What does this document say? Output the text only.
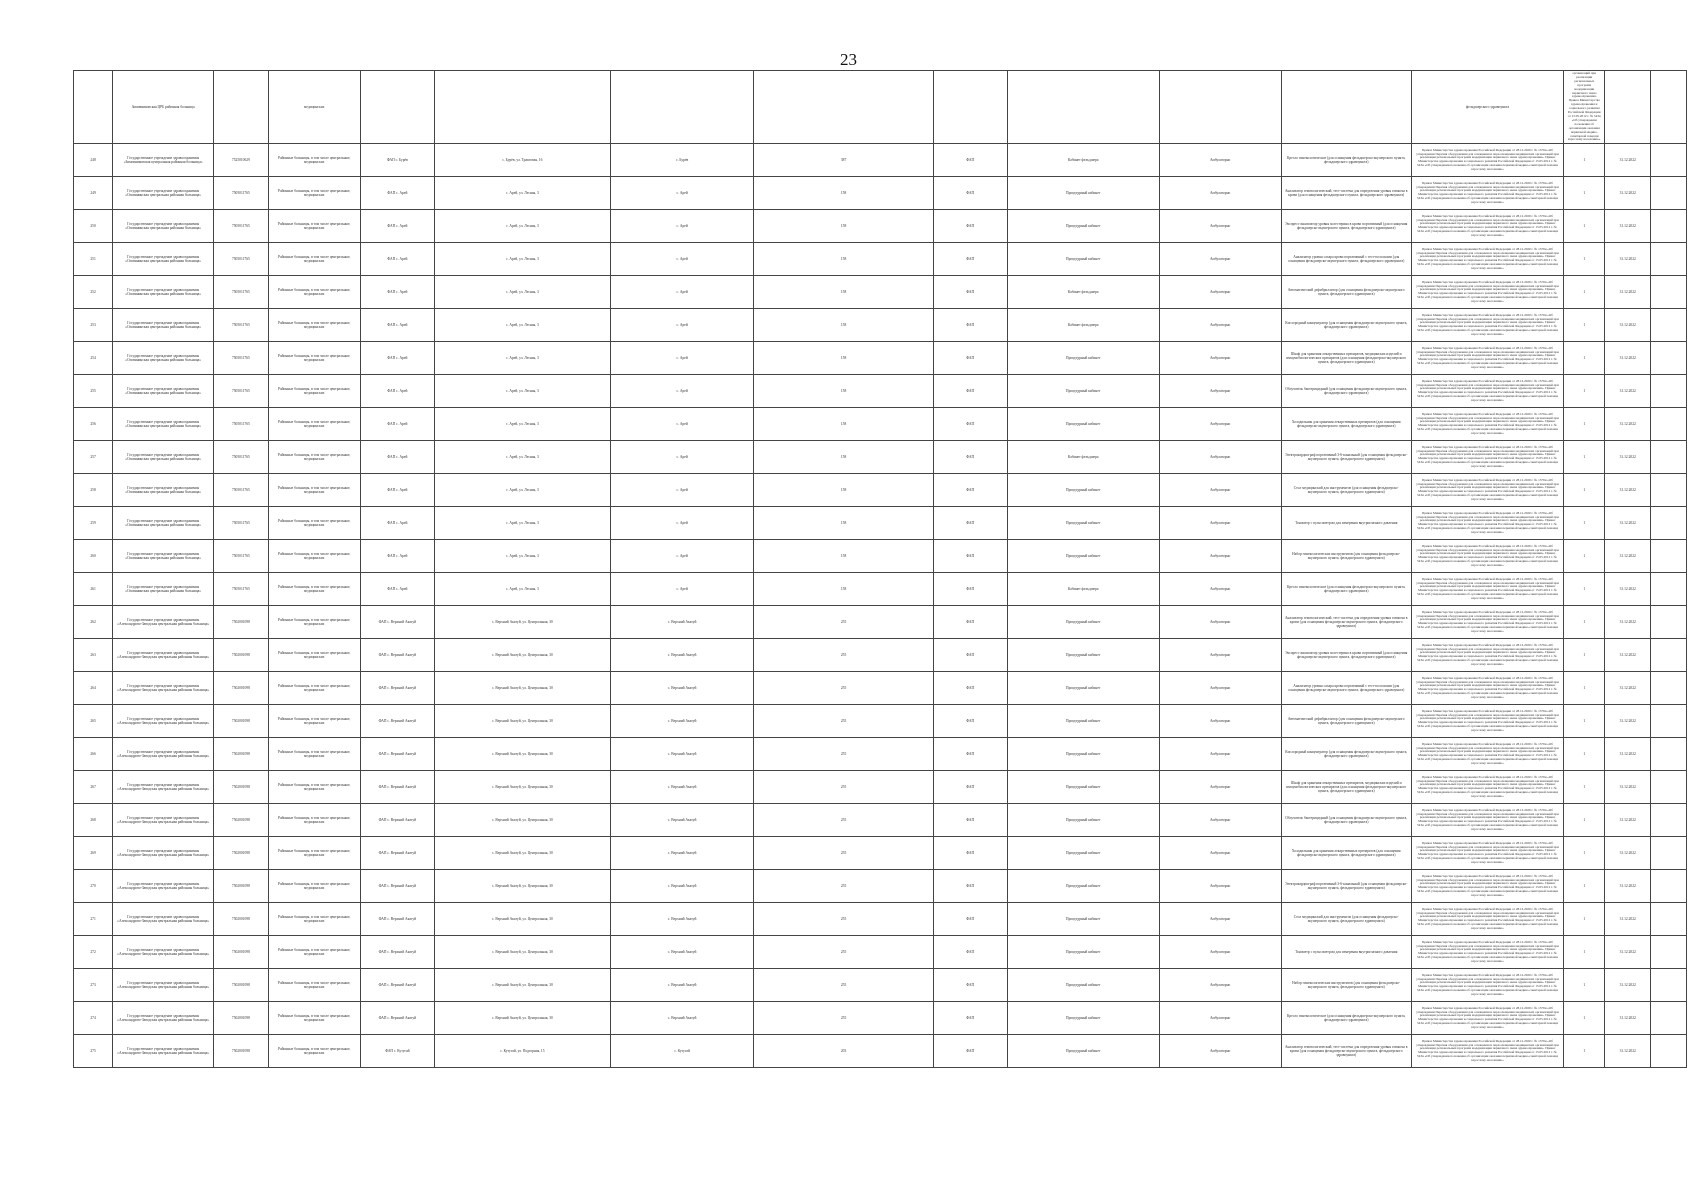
23
	Зимовниковская ЦРБ районная больница		медицинских									фельдшерского здравпункта	организаций при реализации региональных программ модернизации первичного звена здравоохранения. Приказ Министерства здравоохранения и социального развития Российской Федерации от 15.05.2012 г. № 543н «Об утверждении положения об организации оказания первичной медико-санитарной помощи взрослому населению»		
248	Государственное учреждение здравоохранения «Зимовниковская центральная районная больница»	7525010629	Районные больницы, в том числе центральные, медицинских	ФАП с. Бурёв	с. Бурёв, ул. Трактовая, 16	с. Бурёв	387	ФАП	Кабинет фельдшера	Амбулаторно	Кресло гинекологическое (для оснащения фельдшерско-акушерского пункта, фельдшерского здравпункта)	Приказ Министерства здравоохранения Российской Федерации от 28.12.2020 г. № 1379н «Об утверждении Перечня оборудования для оснащения и переоснащения медицинских организаций при реализации региональных программ модернизации первичного звена здравоохранения». Приказ Министерства здравоохранения и социального развития Российской Федерации от 15.05.2012 г. № 543н «Об утверждении положения об организации оказания первичной медико-санитарной помощи взрослому населению»	1	31.12.2022	
249	Государственное учреждение здравоохранения «Оловянинская центральная районная больница»	7505011765	Районные больницы, в том числе центральные, медицинских	ФАП с. Арей	с. Арей, ул. Лесная, 3	с. Арей	158	ФАП	Процедурный кабинет	Амбулаторно	Анализатор гематологический, тест-система для определения уровня глюкозы в крови (для оснащения фельдшерского пункта, фельдшерского здравпункта)	Приказ Министерства здравоохранения Российской Федерации от 28.12.2020 г. № 1379н «Об утверждении Перечня оборудования для оснащения и переоснащения медицинских организаций при реализации региональных программ модернизации первичного звена здравоохранения». Приказ Министерства здравоохранения и социального развития Российской Федерации от 15.05.2012 г. № 543н «Об утверждении положения об организации оказания первичной медико-санитарной помощи взрослому населению»	1	31.12.2022	
250	Государственное учреждение здравоохранения «Оловянинская центральная районная больница»	7505011765	Районные больницы, в том числе центральные, медицинских	ФАП с. Арей	с. Арей, ул. Лесная, 3	с. Арей	158	ФАП	Процедурный кабинет	Амбулаторно	Экспресс-анализатор уровня холестерина в крови портативный (для оснащения фельдшерско-акушерского пункта, фельдшерского здравпункта)	Приказ Министерства здравоохранения Российской Федерации от 28.12.2020 г. № 1379н «Об утверждении Перечня оборудования для оснащения и переоснащения медицинских организаций при реализации региональных программ модернизации первичного звена здравоохранения». Приказ Министерства здравоохранения и социального развития Российской Федерации от 15.05.2012 г. № 543н «Об утверждении положения об организации оказания первичной медико-санитарной помощи взрослому населению»	1	31.12.2022	
251	Государственное учреждение здравоохранения «Оловянинская центральная районная больница»	7505011765	Районные больницы, в том числе центральные, медицинских	ФАП с. Арей	с. Арей, ул. Лесная, 3	с. Арей	158	ФАП	Процедурный кабинет	Амбулаторно	Анализатор уровня сахара крови портативный с тест-полосками (для оснащения фельдшерско-акушерского пункта, фельдшерского здравпункта)	Приказ Министерства здравоохранения Российской Федерации от 28.12.2020 г. № 1379н «Об утверждении Перечня оборудования для оснащения и переоснащения медицинских организаций при реализации региональных программ модернизации первичного звена здравоохранения». Приказ Министерства здравоохранения и социального развития Российской Федерации от 15.05.2012 г. № 543н «Об утверждении положения об организации оказания первичной медико-санитарной помощи взрослому населению»	1	31.12.2022	
252	Государственное учреждение здравоохранения «Оловянинская центральная районная больница»	7505011765	Районные больницы, в том числе центральные, медицинских	ФАП с. Арей	с. Арей, ул. Лесная, 3	с. Арей	158	ФАП	Кабинет фельдшера	Амбулаторно	Автоматический дефибриллятор (для оснащения фельдшерско-акушерского пункта, фельдшерского здравпункта)	Приказ Министерства здравоохранения Российской Федерации от 28.12.2020 г. № 1379н «Об утверждении Перечня оборудования для оснащения и переоснащения медицинских организаций при реализации региональных программ модернизации первичного звена здравоохранения». Приказ Министерства здравоохранения и социального развития Российской Федерации от 15.05.2012 г. № 543н «Об утверждении положения об организации оказания первичной медико-санитарной помощи взрослому населению»	1	31.12.2022	
253	Государственное учреждение здравоохранения «Оловянинская центральная районная больница»	7505011765	Районные больницы, в том числе центральные, медицинских	ФАП с. Арей	с. Арей, ул. Лесная, 3	с. Арей	158	ФАП	Кабинет фельдшера	Амбулаторно	Кислородный концентратор (для оснащения фельдшерско-акушерского пункта, фельдшерского здравпункта)	Приказ Министерства здравоохранения Российской Федерации от 28.12.2020 г. № 1379н «Об утверждении Перечня оборудования для оснащения и переоснащения медицинских организаций при реализации региональных программ модернизации первичного звена здравоохранения». Приказ Министерства здравоохранения и социального развития Российской Федерации от 15.05.2012 г. № 543н «Об утверждении положения об организации оказания первичной медико-санитарной помощи взрослому населению»	1	31.12.2022	
254	Государственное учреждение здравоохранения «Оловянинская центральная районная больница»	7505011765	Районные больницы, в том числе центральные, медицинских	ФАП с. Арей	с. Арей, ул. Лесная, 3	с. Арей	158	ФАП	Процедурный кабинет	Амбулаторно	Шкаф для хранения лекарственных препаратов, медицинских изделий и иммунобиологических препаратов (для оснащения фельдшерско-акушерского пункта, фельдшерского здравпункта)	Приказ Министерства здравоохранения Российской Федерации от 28.12.2020 г. № 1379н «Об утверждении Перечня оборудования для оснащения и переоснащения медицинских организаций при реализации региональных программ модернизации первичного звена здравоохранения». Приказ Министерства здравоохранения и социального развития Российской Федерации от 15.05.2012 г. № 543н «Об утверждении положения об организации оказания первичной медико-санитарной помощи взрослому населению»	1	31.12.2022	
255	Государственное учреждение здравоохранения «Оловянинская центральная районная больница»	7505011765	Районные больницы, в том числе центральные, медицинских	ФАП с. Арей	с. Арей, ул. Лесная, 3	с. Арей	158	ФАП	Процедурный кабинет	Амбулаторно	Облучатель бактерицидный (для оснащения фельдшерско-акушерского пункта, фельдшерского здравпункта)	Приказ Министерства здравоохранения Российской Федерации от 28.12.2020 г. № 1379н «Об утверждении Перечня оборудования для оснащения и переоснащения медицинских организаций при реализации региональных программ модернизации первичного звена здравоохранения». Приказ Министерства здравоохранения и социального развития Российской Федерации от 15.05.2012 г. № 543н «Об утверждении положения об организации оказания первичной медико-санитарной помощи взрослому населению»	1	31.12.2022	
256	Государственное учреждение здравоохранения «Оловянинская центральная районная больница»	7505011765	Районные больницы, в том числе центральные, медицинских	ФАП с. Арей	с. Арей, ул. Лесная, 3	с. Арей	158	ФАП	Процедурный кабинет	Амбулаторно	Холодильник для хранения лекарственных препаратов (для оснащения фельдшерско-акушерского пункта, фельдшерского здравпункта)	Приказ Министерства здравоохранения Российской Федерации от 28.12.2020 г. № 1379н «Об утверждении Перечня оборудования для оснащения и переоснащения медицинских организаций при реализации региональных программ модернизации первичного звена здравоохранения». Приказ Министерства здравоохранения и социального развития Российской Федерации от 15.05.2012 г. № 543н «Об утверждении положения об организации оказания первичной медико-санитарной помощи взрослому населению»	1	31.12.2022	
257	Государственное учреждение здравоохранения «Оловянинская центральная районная больница»	7505011765	Районные больницы, в том числе центральные, медицинских	ФАП с. Арей	с. Арей, ул. Лесная, 3	с. Арей	158	ФАП	Кабинет фельдшера	Амбулаторно	Электрокардиограф портативный 3-6-канальный (для оснащения фельдшерско-акушерского пункта, фельдшерского здравпункта)	Приказ Министерства здравоохранения Российской Федерации от 28.12.2020 г. № 1379н «Об утверждении Перечня оборудования для оснащения и переоснащения медицинских организаций при реализации региональных программ модернизации первичного звена здравоохранения». Приказ Министерства здравоохранения и социального развития Российской Федерации от 15.05.2012 г. № 543н «Об утверждении положения об организации оказания первичной медико-санитарной помощи взрослому населению»	1	31.12.2022	
258	Государственное учреждение здравоохранения «Оловянинская центральная районная больница»	7505011765	Районные больницы, в том числе центральные, медицинских	ФАП с. Арей	с. Арей, ул. Лесная, 3	с. Арей	158	ФАП	Процедурный кабинет	Амбулаторно	Стол медицинский для инструментов (для оснащения фельдшерско-акушерского пункта, фельдшерского здравпункта)	Приказ Министерства здравоохранения Российской Федерации от 28.12.2020 г. № 1379н «Об утверждении Перечня оборудования для оснащения и переоснащения медицинских организаций при реализации региональных программ модернизации первичного звена здравоохранения». Приказ Министерства здравоохранения и социального развития Российской Федерации от 15.05.2012 г. № 543н «Об утверждении положения об организации оказания первичной медико-санитарной помощи взрослому населению»	1	31.12.2022	
259	Государственное учреждение здравоохранения «Оловянинская центральная районная больница»	7505011765	Районные больницы, в том числе центральные, медицинских	ФАП с. Арей	с. Арей, ул. Лесная, 3	с. Арей	158	ФАП	Процедурный кабинет	Амбулаторно	Тонометр с пульсометром для измерения внутриглазного давления	Приказ Министерства здравоохранения Российской Федерации от 28.12.2020 г. № 1379н «Об утверждении Перечня оборудования для оснащения и переоснащения медицинских организаций при реализации региональных программ модернизации первичного звена здравоохранения». Приказ Министерства здравоохранения и социального развития Российской Федерации от 15.05.2012 г. № 543н «Об утверждении положения об организации оказания первичной медико-санитарной помощи взрослому населению»	1	31.12.2022	
260	Государственное учреждение здравоохранения «Оловянинская центральная районная больница»	7505011765	Районные больницы, в том числе центральные, медицинских	ФАП с. Арей	с. Арей, ул. Лесная, 3	с. Арей	158	ФАП	Процедурный кабинет	Амбулаторно	Набор гинекологических инструментов (для оснащения фельдшерско-акушерского пункта, фельдшерского здравпункта)	Приказ Министерства здравоохранения Российской Федерации от 28.12.2020 г. № 1379н «Об утверждении Перечня оборудования для оснащения и переоснащения медицинских организаций при реализации региональных программ модернизации первичного звена здравоохранения». Приказ Министерства здравоохранения и социального развития Российской Федерации от 15.05.2012 г. № 543н «Об утверждении положения об организации оказания первичной медико-санитарной помощи взрослому населению»	1	31.12.2022	
261	Государственное учреждение здравоохранения «Оловянинская центральная районная больница»	7505011765	Районные больницы, в том числе центральные, медицинских	ФАП с. Арей	с. Арей, ул. Лесная, 3	с. Арей	158	ФАП	Кабинет фельдшера	Амбулаторно	Кресло гинекологическое (для оснащения фельдшерско-акушерского пункта, фельдшерского здравпункта)	Приказ Министерства здравоохранения Российской Федерации от 28.12.2020 г. № 1379н «Об утверждении Перечня оборудования для оснащения и переоснащения медицинских организаций при реализации региональных программ модернизации первичного звена здравоохранения». Приказ Министерства здравоохранения и социального развития Российской Федерации от 15.05.2012 г. № 543н «Об утверждении положения об организации оказания первичной медико-санитарной помощи взрослому населению»	1	31.12.2022	
262	Государственное учреждение здравоохранения «Александрово-Заводская центральная районная больница»	7502001098	Районные больницы, в том числе центральные, медицинских	ФАП с. Верхний Акатуй	с. Верхний Акатуй, ул. Центральная, 30	с. Верхний Акатуй	255	ФАП	Процедурный кабинет	Амбулаторно	Анализатор гематологический, тест-система для определения уровня глюкозы в крови (для оснащения фельдшерско-акушерского пункта, фельдшерского здравпункта)	Приказ Министерства здравоохранения Российской Федерации от 28.12.2020 г. № 1379н «Об утверждении Перечня оборудования для оснащения и переоснащения медицинских организаций при реализации региональных программ модернизации первичного звена здравоохранения». Приказ Министерства здравоохранения и социального развития Российской Федерации от 15.05.2012 г. № 543н «Об утверждении положения об организации оказания первичной медико-санитарной помощи взрослому населению»	1	31.12.2022	
263	Государственное учреждение здравоохранения «Александрово-Заводская центральная районная больница»	7502001098	Районные больницы, в том числе центральные, медицинских	ФАП с. Верхний Акатуй	с. Верхний Акатуй, ул. Центральная, 30	с. Верхний Акатуй	255	ФАП	Процедурный кабинет	Амбулаторно	Экспресс-анализатор уровня холестерина в крови портативный (для оснащения фельдшерско-акушерского пункта, фельдшерского здравпункта)	Приказ Министерства здравоохранения Российской Федерации от 28.12.2020 г. № 1379н «Об утверждении Перечня оборудования для оснащения и переоснащения медицинских организаций при реализации региональных программ модернизации первичного звена здравоохранения». Приказ Министерства здравоохранения и социального развития Российской Федерации от 15.05.2012 г. № 543н «Об утверждении положения об организации оказания первичной медико-санитарной помощи взрослому населению»	1	31.12.2022	
264	Государственное учреждение здравоохранения «Александрово-Заводская центральная районная больница»	7502001098	Районные больницы, в том числе центральные, медицинских	ФАП с. Верхний Акатуй	с. Верхний Акатуй, ул. Центральная, 30	с. Верхний Акатуй	255	ФАП	Процедурный кабинет	Амбулаторно	Анализатор уровня сахара крови портативный с тест-полосками (для оснащения фельдшерско-акушерского пункта, фельдшерского здравпункта)	Приказ Министерства здравоохранения Российской Федерации от 28.12.2020 г. № 1379н «Об утверждении Перечня оборудования для оснащения и переоснащения медицинских организаций при реализации региональных программ модернизации первичного звена здравоохранения». Приказ Министерства здравоохранения и социального развития Российской Федерации от 15.05.2012 г. № 543н «Об утверждении положения об организации оказания первичной медико-санитарной помощи взрослому населению»	1	31.12.2022	
265	Государственное учреждение здравоохранения «Александрово-Заводская центральная районная больница»	7502001098	Районные больницы, в том числе центральные, медицинских	ФАП с. Верхний Акатуй	с. Верхний Акатуй, ул. Центральная, 30	с. Верхний Акатуй	255	ФАП	Процедурный кабинет	Амбулаторно	Автоматический дефибриллятор (для оснащения фельдшерско-акушерского пункта, фельдшерского здравпункта)	Приказ Министерства здравоохранения Российской Федерации от 28.12.2020 г. № 1379н «Об утверждении Перечня оборудования для оснащения и переоснащения медицинских организаций при реализации региональных программ модернизации первичного звена здравоохранения». Приказ Министерства здравоохранения и социального развития Российской Федерации от 15.05.2012 г. № 543н «Об утверждении положения об организации оказания первичной медико-санитарной помощи взрослому населению»	1	31.12.2022	
266	Государственное учреждение здравоохранения «Александрово-Заводская центральная районная больница»	7502001098	Районные больницы, в том числе центральные, медицинских	ФАП с. Верхний Акатуй	с. Верхний Акатуй, ул. Центральная, 30	с. Верхний Акатуй	255	ФАП	Процедурный кабинет	Амбулаторно	Кислородный концентратор (для оснащения фельдшерско-акушерского пункта, фельдшерского здравпункта)	Приказ Министерства здравоохранения Российской Федерации от 28.12.2020 г. № 1379н «Об утверждении Перечня оборудования для оснащения и переоснащения медицинских организаций при реализации региональных программ модернизации первичного звена здравоохранения». Приказ Министерства здравоохранения и социального развития Российской Федерации от 15.05.2012 г. № 543н «Об утверждении положения об организации оказания первичной медико-санитарной помощи взрослому населению»	1	31.12.2022	
267	Государственное учреждение здравоохранения «Александрово-Заводская центральная районная больница»	7502001098	Районные больницы, в том числе центральные, медицинских	ФАП с. Верхний Акатуй	с. Верхний Акатуй, ул. Центральная, 30	с. Верхний Акатуй	255	ФАП	Процедурный кабинет	Амбулаторно	Шкаф для хранения лекарственных препаратов, медицинских изделий и иммунобиологических препаратов (для оснащения фельдшерско-акушерского пункта, фельдшерского здравпункта)	Приказ Министерства здравоохранения Российской Федерации от 28.12.2020 г. № 1379н «Об утверждении Перечня оборудования для оснащения и переоснащения медицинских организаций при реализации региональных программ модернизации первичного звена здравоохранения». Приказ Министерства здравоохранения и социального развития Российской Федерации от 15.05.2012 г. № 543н «Об утверждении положения об организации оказания первичной медико-санитарной помощи взрослому населению»	1	31.12.2022	
268	Государственное учреждение здравоохранения «Александрово-Заводская центральная районная больница»	7502001098	Районные больницы, в том числе центральные, медицинских	ФАП с. Верхний Акатуй	с. Верхний Акатуй, ул. Центральная, 30	с. Верхний Акатуй	255	ФАП	Процедурный кабинет	Амбулаторно	Облучатель бактерицидный (для оснащения фельдшерско-акушерского пункта, фельдшерского здравпункта)	Приказ Министерства здравоохранения Российской Федерации от 28.12.2020 г. № 1379н «Об утверждении Перечня оборудования для оснащения и переоснащения медицинских организаций при реализации региональных программ модернизации первичного звена здравоохранения». Приказ Министерства здравоохранения и социального развития Российской Федерации от 15.05.2012 г. № 543н «Об утверждении положения об организации оказания первичной медико-санитарной помощи взрослому населению»	1	31.12.2022	
269	Государственное учреждение здравоохранения «Александрово-Заводская центральная районная больница»	7502001098	Районные больницы, в том числе центральные, медицинских	ФАП с. Верхний Акатуй	с. Верхний Акатуй, ул. Центральная, 30	с. Верхний Акатуй	255	ФАП	Процедурный кабинет	Амбулаторно	Холодильник для хранения лекарственных препаратов (для оснащения фельдшерско-акушерского пункта, фельдшерского здравпункта)	Приказ Министерства здравоохранения Российской Федерации от 28.12.2020 г. № 1379н «Об утверждении Перечня оборудования для оснащения и переоснащения медицинских организаций при реализации региональных программ модернизации первичного звена здравоохранения». Приказ Министерства здравоохранения и социального развития Российской Федерации от 15.05.2012 г. № 543н «Об утверждении положения об организации оказания первичной медико-санитарной помощи взрослому населению»	1	31.12.2022	
270	Государственное учреждение здравоохранения «Александрово-Заводская центральная районная больница»	7502001098	Районные больницы, в том числе центральные, медицинских	ФАП с. Верхний Акатуй	с. Верхний Акатуй, ул. Центральная, 30	с. Верхний Акатуй	255	ФАП	Процедурный кабинет	Амбулаторно	Электрокардиограф портативный 3-6-канальный (для оснащения фельдшерско-акушерского пункта, фельдшерского здравпункта)	Приказ Министерства здравоохранения Российской Федерации от 28.12.2020 г. № 1379н «Об утверждении Перечня оборудования для оснащения и переоснащения медицинских организаций при реализации региональных программ модернизации первичного звена здравоохранения». Приказ Министерства здравоохранения и социального развития Российской Федерации от 15.05.2012 г. № 543н «Об утверждении положения об организации оказания первичной медико-санитарной помощи взрослому населению»	1	31.12.2022	
271	Государственное учреждение здравоохранения «Александрово-Заводская центральная районная больница»	7502001098	Районные больницы, в том числе центральные, медицинских	ФАП с. Верхний Акатуй	с. Верхний Акатуй, ул. Центральная, 30	с. Верхний Акатуй	255	ФАП	Процедурный кабинет	Амбулаторно	Стол медицинский для инструментов (для оснащения фельдшерско-акушерского пункта, фельдшерского здравпункта)	Приказ Министерства здравоохранения Российской Федерации от 28.12.2020 г. № 1379н «Об утверждении Перечня оборудования для оснащения и переоснащения медицинских организаций при реализации региональных программ модернизации первичного звена здравоохранения». Приказ Министерства здравоохранения и социального развития Российской Федерации от 15.05.2012 г. № 543н «Об утверждении положения об организации оказания первичной медико-санитарной помощи взрослому населению»	1	31.12.2022	
272	Государственное учреждение здравоохранения «Александрово-Заводская центральная районная больница»	7502001098	Районные больницы, в том числе центральные, медицинских	ФАП с. Верхний Акатуй	с. Верхний Акатуй, ул. Центральная, 30	с. Верхний Акатуй	255	ФАП	Процедурный кабинет	Амбулаторно	Тонометр с пульсометром для измерения внутриглазного давления	Приказ Министерства здравоохранения Российской Федерации от 28.12.2020 г. № 1379н «Об утверждении Перечня оборудования для оснащения и переоснащения медицинских организаций при реализации региональных программ модернизации первичного звена здравоохранения». Приказ Министерства здравоохранения и социального развития Российской Федерации от 15.05.2012 г. № 543н «Об утверждении положения об организации оказания первичной медико-санитарной помощи взрослому населению»	1	31.12.2022	
273	Государственное учреждение здравоохранения «Александрово-Заводская центральная районная больница»	7502001098	Районные больницы, в том числе центральные, медицинских	ФАП с. Верхний Акатуй	с. Верхний Акатуй, ул. Центральная, 30	с. Верхний Акатуй	255	ФАП	Процедурный кабинет	Амбулаторно	Набор гинекологических инструментов (для оснащения фельдшерско-акушерского пункта, фельдшерского здравпункта)	Приказ Министерства здравоохранения Российской Федерации от 28.12.2020 г. № 1379н «Об утверждении Перечня оборудования для оснащения и переоснащения медицинских организаций при реализации региональных программ модернизации первичного звена здравоохранения». Приказ Министерства здравоохранения и социального развития Российской Федерации от 15.05.2012 г. № 543н «Об утверждении положения об организации оказания первичной медико-санитарной помощи взрослому населению»	1	31.12.2022	
274	Государственное учреждение здравоохранения «Александрово-Заводская центральная районная больница»	7502001098	Районные больницы, в том числе центральные, медицинских	ФАП с. Верхний Акатуй	с. Верхний Акатуй, ул. Центральная, 30	с. Верхний Акатуй	255	ФАП	Процедурный кабинет	Амбулаторно	Кресло гинекологическое (для оснащения фельдшерско-акушерского пункта, фельдшерского здравпункта)	Приказ Министерства здравоохранения Российской Федерации от 28.12.2020 г. № 1379н «Об утверждении Перечня оборудования для оснащения и переоснащения медицинских организаций при реализации региональных программ модернизации первичного звена здравоохранения». Приказ Министерства здравоохранения и социального развития Российской Федерации от 15.05.2012 г. № 543н «Об утверждении положения об организации оказания первичной медико-санитарной помощи взрослому населению»	1	31.12.2022	
275	Государственное учреждение здравоохранения «Александрово-Заводская центральная районная больница»	7502001098	Районные больницы, в том числе центральные, медицинских	ФАП с. Кутугай	с. Кутугай, ул. Подгорная, 15	с. Кутугай	203	ФАП	Процедурный кабинет	Амбулаторно	Анализатор гематологический, тест-система для определения уровня глюкозы в крови (для оснащения фельдшерско-акушерского пункта, фельдшерского здравпункта)	Приказ Министерства здравоохранения Российской Федерации от 28.12.2020 г. № 1379н «Об утверждении Перечня оборудования для оснащения и переоснащения медицинских организаций при реализации региональных программ модернизации первичного звена здравоохранения». Приказ Министерства здравоохранения и социального развития Российской Федерации от 15.05.2012 г. № 543н «Об утверждении положения об организации оказания первичной медико-санитарной помощи взрослому населению»	1	31.12.2022	
